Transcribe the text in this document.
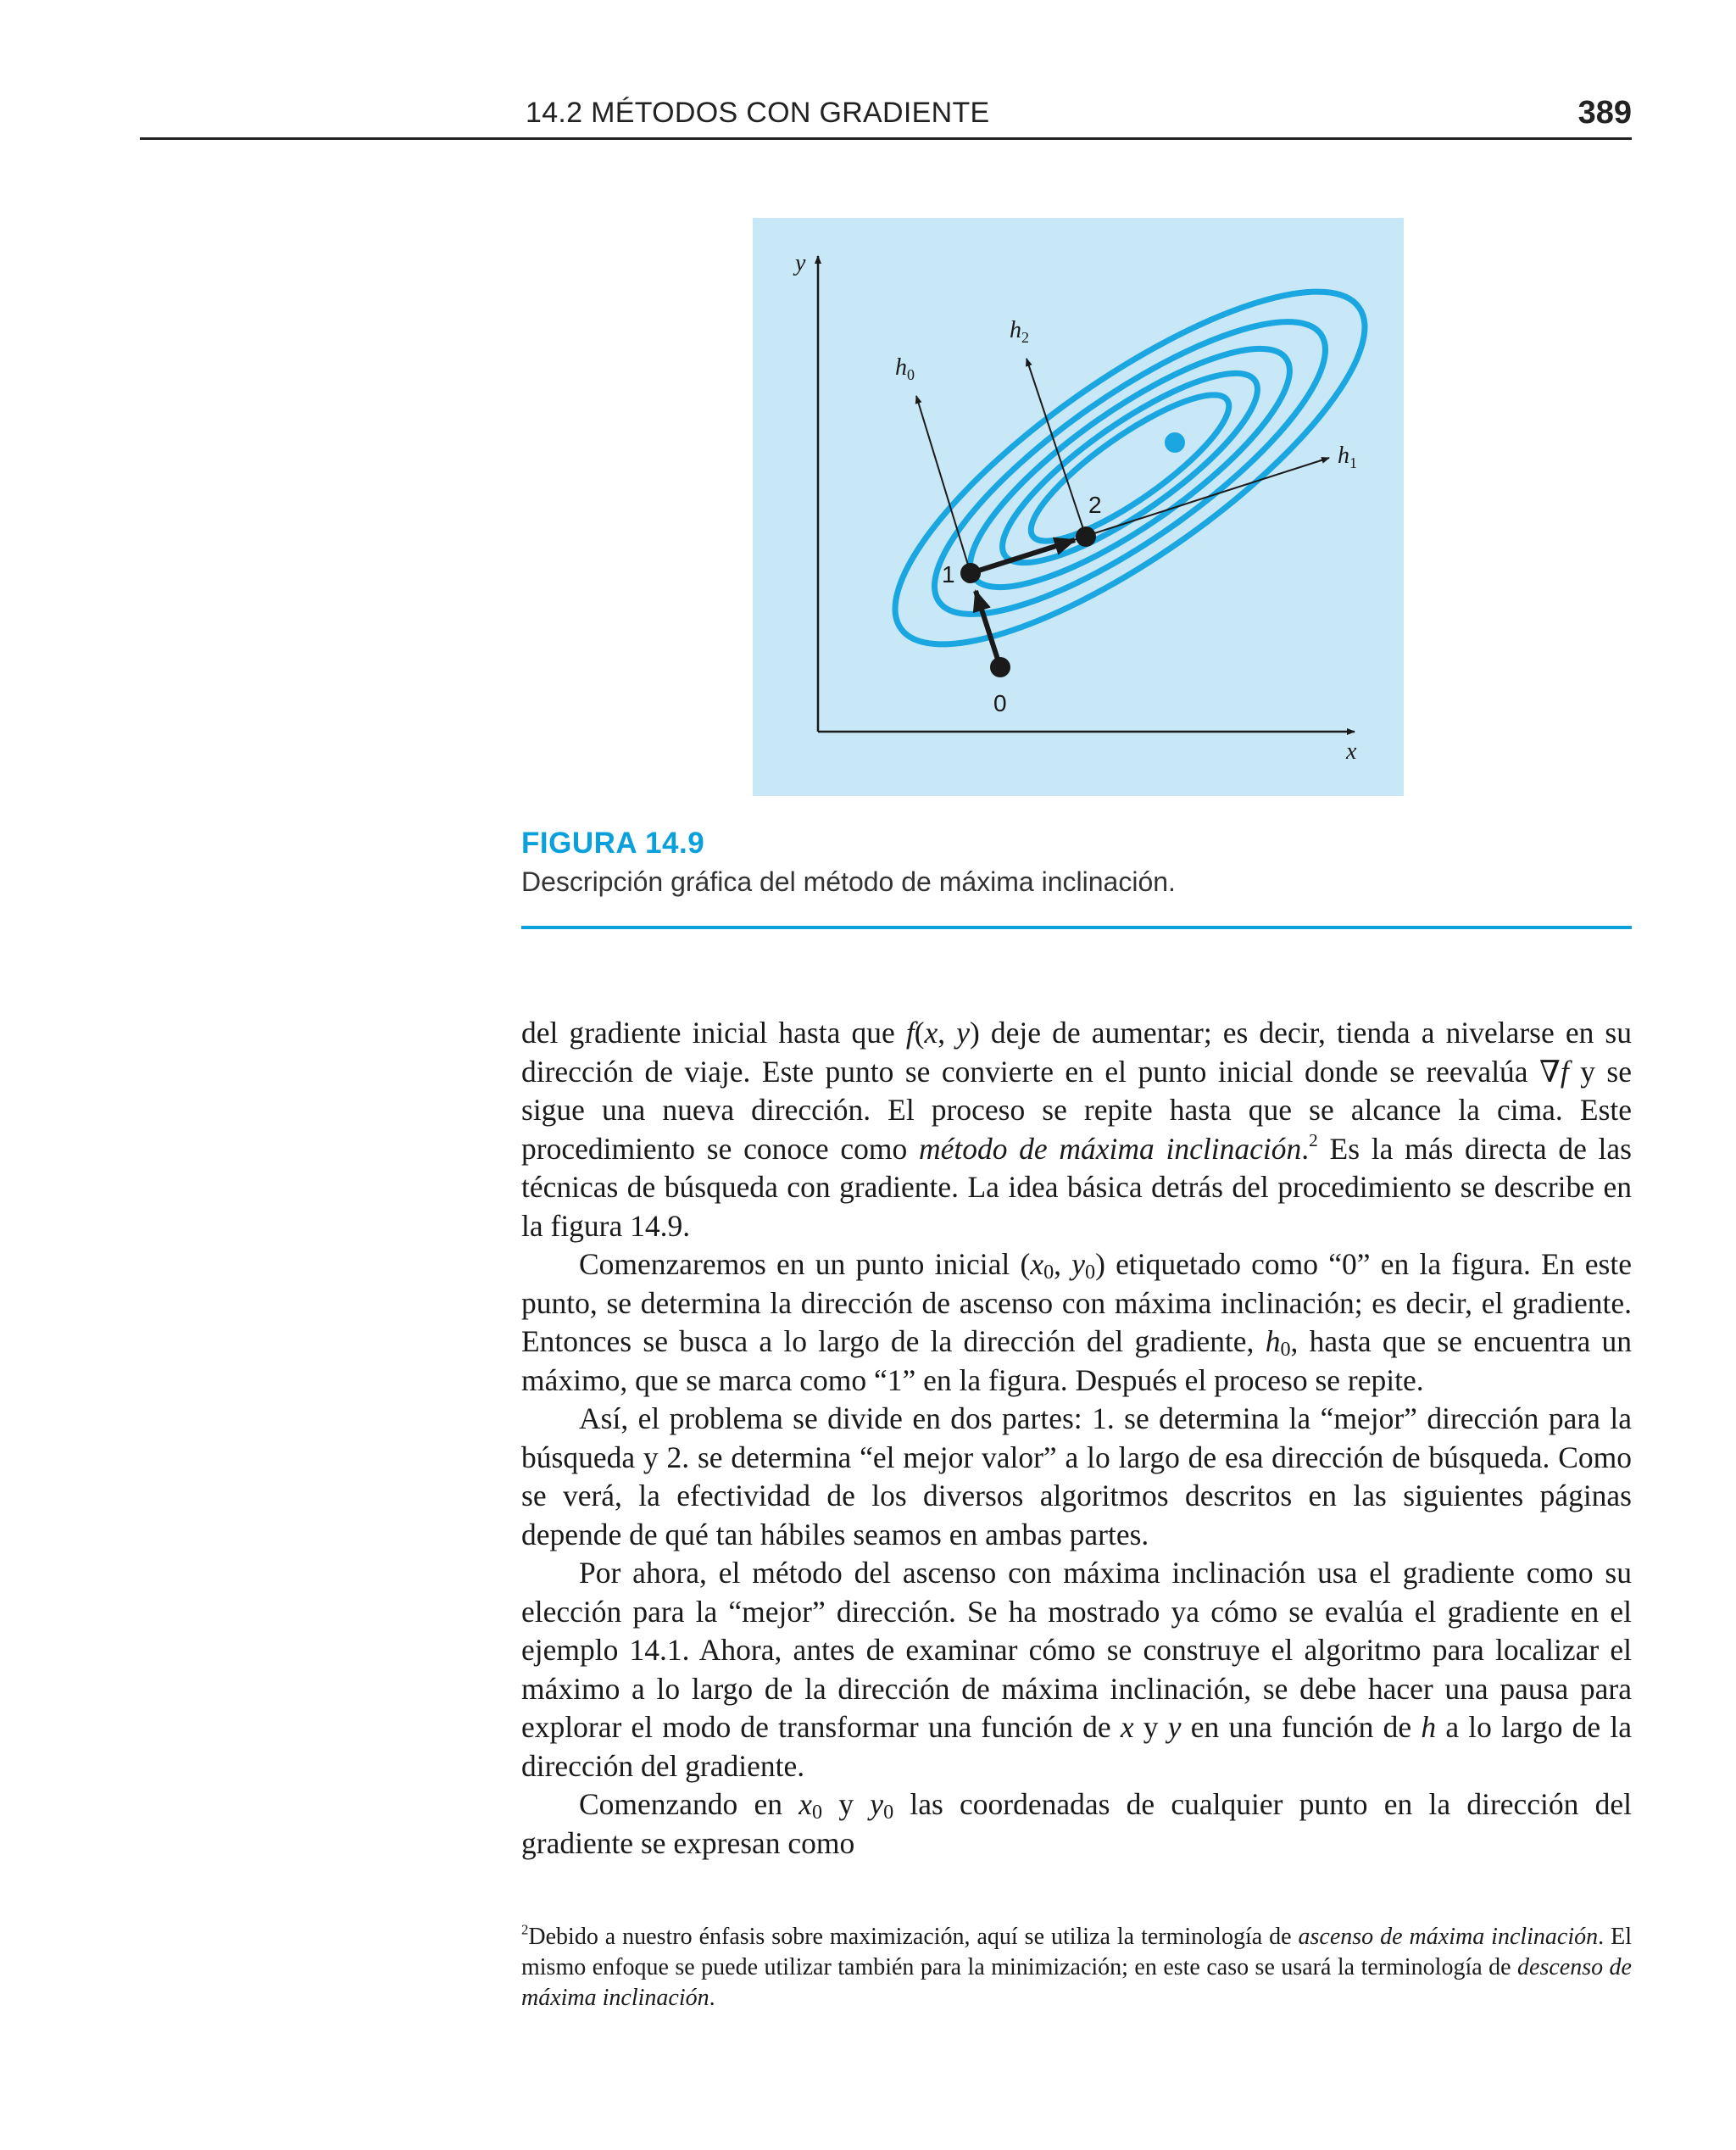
14.2 MÉTODOS CON GRADIENTE	389
y
x
0
1
2
$h_0$
$h_2$
$h_1$
FIGURA 14.9
Descripción gráfica del método de máxima inclinación.

del gradiente inicial hasta que f(x, y) deje de aumentar; es decir, tienda a nivelarse en su dirección de viaje. Este punto se convierte en el punto inicial donde se reevalúa ∇f y se sigue una nueva dirección. El proceso se repite hasta que se alcance la cima. Este procedimiento se conoce como método de máxima inclinación.$^2$ Es la más directa de las técnicas de búsqueda con gradiente. La idea básica detrás del procedimiento se describe en la figura 14.9.

Comenzaremos en un punto inicial ($x_0$, $y_0$) etiquetado como “0” en la figura. En este punto, se determina la dirección de ascenso con máxima inclinación; es decir, el gradiente. Entonces se busca a lo largo de la dirección del gradiente, $h_0$, hasta que se encuentra un máximo, que se marca como “1” en la figura. Después el proceso se repite.

Así, el problema se divide en dos partes: 1. se determina la “mejor” dirección para la búsqueda y 2. se determina “el mejor valor” a lo largo de esa dirección de búsqueda. Como se verá, la efectividad de los diversos algoritmos descritos en las siguientes páginas depende de qué tan hábiles seamos en ambas partes.

Por ahora, el método del ascenso con máxima inclinación usa el gradiente como su elección para la “mejor” dirección. Se ha mostrado ya cómo se evalúa el gradiente en el ejemplo 14.1. Ahora, antes de examinar cómo se construye el algoritmo para localizar el máximo a lo largo de la dirección de máxima inclinación, se debe hacer una pausa para explorar el modo de transformar una función de x y y en una función de h a lo largo de la dirección del gradiente.

Comenzando en $x_0$ y $y_0$ las coordenadas de cualquier punto en la dirección del gradiente se expresan como

$^2$Debido a nuestro énfasis sobre maximización, aquí se utiliza la terminología de ascenso de máxima inclinación. El mismo enfoque se puede utilizar también para la minimización; en este caso se usará la terminología de descenso de máxima inclinación.
